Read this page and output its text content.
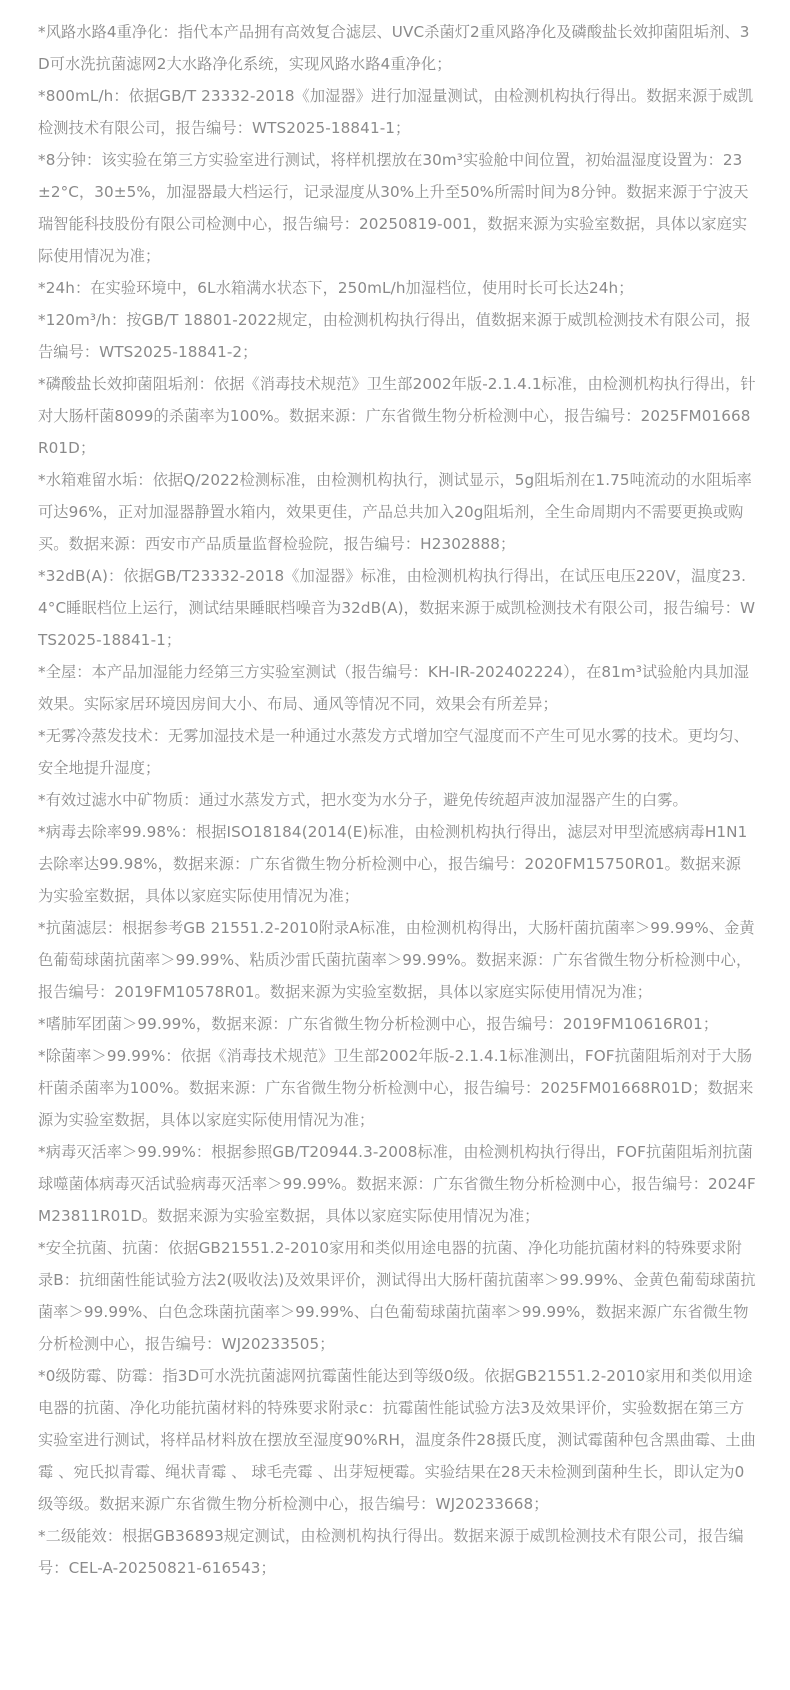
*风路水路4重净化：指代本产品拥有高效复合滤层、UVC杀菌灯2重风路净化及磷酸盐长效抑菌阻垢剂、3D可水洗抗菌滤网2大水路净化系统，实现风路水路4重净化；

*800mL/h：依据GB/T 23332-2018《加湿器》进行加湿量测试，由检测机构执行得出。数据来源于威凯检测技术有限公司，报告编号：WTS2025-18841-1；

*8分钟：该实验在第三方实验室进行测试，将样机摆放在30m³实验舱中间位置，初始温湿度设置为：23±2°C，30±5%，加湿器最大档运行，记录湿度从30%上升至50%所需时间为8分钟。数据来源于宁波天瑞智能科技股份有限公司检测中心，报告编号：20250819-001，数据来源为实验室数据，具体以家庭实际使用情况为准；

*24h：在实验环境中，6L水箱满水状态下，250mL/h加湿档位，使用时长可长达24h；

*120m³/h：按GB/T 18801-2022规定，由检测机构执行得出，值数据来源于威凯检测技术有限公司，报告编号：WTS2025-18841-2；

*磷酸盐长效抑菌阻垢剂：依据《消毒技术规范》卫生部2002年版-2.1.4.1标准，由检测机构执行得出，针对大肠杆菌8099的杀菌率为100%。数据来源：广东省微生物分析检测中心，报告编号：2025FM01668R01D；

*水箱难留水垢：依据Q/2022检测标准，由检测机构执行，测试显示，5g阻垢剂在1.75吨流动的水阻垢率可达96%，正对加湿器静置水箱内，效果更佳，产品总共加入20g阻垢剂，全生命周期内不需要更换或购买。数据来源：西安市产品质量监督检验院，报告编号：H2302888；

*32dB(A)：依据GB/T23332-2018《加湿器》标准，由检测机构执行得出，在试压电压220V，温度23.4°C睡眠档位上运行，测试结果睡眠档噪音为32dB(A)，数据来源于威凯检测技术有限公司，报告编号：WTS2025-18841-1；

*全屋：本产品加湿能力经第三方实验室测试（报告编号：KH-IR-202402224），在81m³试验舱内具加湿效果。实际家居环境因房间大小、布局、通风等情况不同，效果会有所差异；

*无雾冷蒸发技术：无雾加湿技术是一种通过水蒸发方式增加空气湿度而不产生可见水雾的技术。更均匀、安全地提升湿度；

*有效过滤水中矿物质：通过水蒸发方式，把水变为水分子，避免传统超声波加湿器产生的白雾。

*病毒去除率99.98%：根据ISO18184(2014(E)标准，由检测机构执行得出，滤层对甲型流感病毒H1N1去除率达99.98%，数据来源：广东省微生物分析检测中心，报告编号：2020FM15750R01。数据来源为实验室数据，具体以家庭实际使用情况为准；

*抗菌滤层：根据参考GB 21551.2-2010附录A标准，由检测机构得出，大肠杆菌抗菌率＞99.99%、金黄色葡萄球菌抗菌率＞99.99%、粘质沙雷氏菌抗菌率＞99.99%。数据来源：广东省微生物分析检测中心，报告编号：2019FM10578R01。数据来源为实验室数据，具体以家庭实际使用情况为准；

*嗜肺军团菌＞99.99%，数据来源：广东省微生物分析检测中心，报告编号：2019FM10616R01；

*除菌率＞99.99%：依据《消毒技术规范》卫生部2002年版-2.1.4.1标准测出，FOF抗菌阻垢剂对于大肠杆菌杀菌率为100%。数据来源：广东省微生物分析检测中心，报告编号：2025FM01668R01D；数据来源为实验室数据，具体以家庭实际使用情况为准；

*病毒灭活率＞99.99%：根据参照GB/T20944.3-2008标准，由检测机构执行得出，FOF抗菌阻垢剂抗菌球噬菌体病毒灭活试验病毒灭活率＞99.99%。数据来源：广东省微生物分析检测中心，报告编号：2024FM23811R01D。数据来源为实验室数据，具体以家庭实际使用情况为准；

*安全抗菌、抗菌：依据GB21551.2-2010家用和类似用途电器的抗菌、净化功能抗菌材料的特殊要求附录B：抗细菌性能试验方法2(吸收法)及效果评价，测试得出大肠杆菌抗菌率＞99.99%、金黄色葡萄球菌抗菌率＞99.99%、白色念珠菌抗菌率＞99.99%、白色葡萄球菌抗菌率＞99.99%，数据来源广东省微生物分析检测中心，报告编号：WJ20233505；

*0级防霉、防霉：指3D可水洗抗菌滤网抗霉菌性能达到等级0级。依据GB21551.2-2010家用和类似用途电器的抗菌、净化功能抗菌材料的特殊要求附录c：抗霉菌性能试验方法3及效果评价，实验数据在第三方实验室进行测试，将样品材料放在摆放至湿度90%RH，温度条件28摄氏度，测试霉菌种包含黑曲霉、土曲霉 、宛氏拟青霉、绳状青霉 、 球毛壳霉 、出芽短梗霉。实验结果在28天未检测到菌种生长，即认定为0级等级。数据来源广东省微生物分析检测中心，报告编号：WJ20233668；

*二级能效：根据GB36893规定测试，由检测机构执行得出。数据来源于威凯检测技术有限公司，报告编号：CEL-A-20250821-616543；
